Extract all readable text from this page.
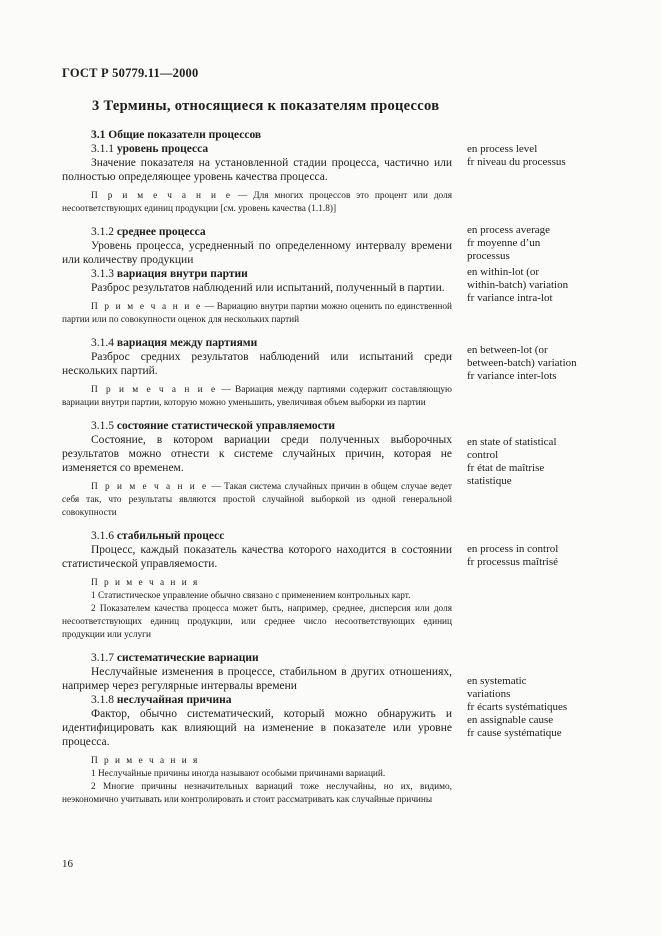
ГОСТ Р 50779.11—2000
3 Термины, относящиеся к показателям процессов

3.1 Общие показатели процессов

3.1.1 уровень процесса

Значение показателя на установленной стадии процесса, частично или полностью определяющее уровень качества процесса.

П р и м е ч а н и е — Для многих процессов это процент или доля несоответствующих единиц продукции [см. уровень качества (1.1.8)]

3.1.2 среднее процесса

Уровень процесса, усредненный по определенному интервалу времени или количеству продукции

3.1.3 вариация внутри партии

Разброс результатов наблюдений или испытаний, полученный в партии.

П р и м е ч а н и е — Вариацию внутри партии можно оценить по единственной партии или по совокупности оценок для нескольких партий

3.1.4 вариация между партиями

Разброс средних результатов наблюдений или испытаний среди нескольких партий.

П р и м е ч а н и е — Вариация между партиями содержит составляющую вариации внутри партии, которую можно уменьшить, увеличивая объем выборки из партии

3.1.5 состояние статистической управляемости

Состояние, в котором вариации среди полученных выборочных результатов можно отнести к системе случайных причин, которая не изменяется со временем.

П р и м е ч а н и е — Такая система случайных причин в общем случае ведет себя так, что результаты являются простой случайной выборкой из одной генеральной совокупности

3.1.6 стабильный процесс

Процесс, каждый показатель качества которого находится в состоянии статистической управляемости.

П р и м е ч а н и я

1 Статистическое управление обычно связано с применением контрольных карт.

2 Показателем качества процесса может быть, например, среднее, дисперсия или доля несоответствующих единиц продукции, или среднее число несоответствующих единиц продукции или услуги

3.1.7 систематические вариации

Неслучайные изменения в процессе, стабильном в других отношениях, например через регулярные интервалы времени

3.1.8 неслучайная причина

Фактор, обычно систематический, который можно обнаружить и идентифицировать как влияющий на изменение в показателе или уровне процесса.

П р и м е ч а н и я

1 Неслучайные причины иногда называют особыми причинами вариаций.

2 Многие причины незначительных вариаций тоже неслучайны, но их, видимо, неэкономично учитывать или контролировать и стоит рассматривать как случайные причины

en process level
fr niveau du processus
en process average
fr moyenne d’un
processus
en within-lot (or
within-batch) variation
fr variance intra-lot
en between-lot (or
between-batch) variation
fr variance inter-lots
en state of statistical
control
fr état de maîtrise
statistique
en process in control
fr processus maîtrisé
en systematic
variations
fr écarts systématiques
en assignable cause
fr cause systématique
16
